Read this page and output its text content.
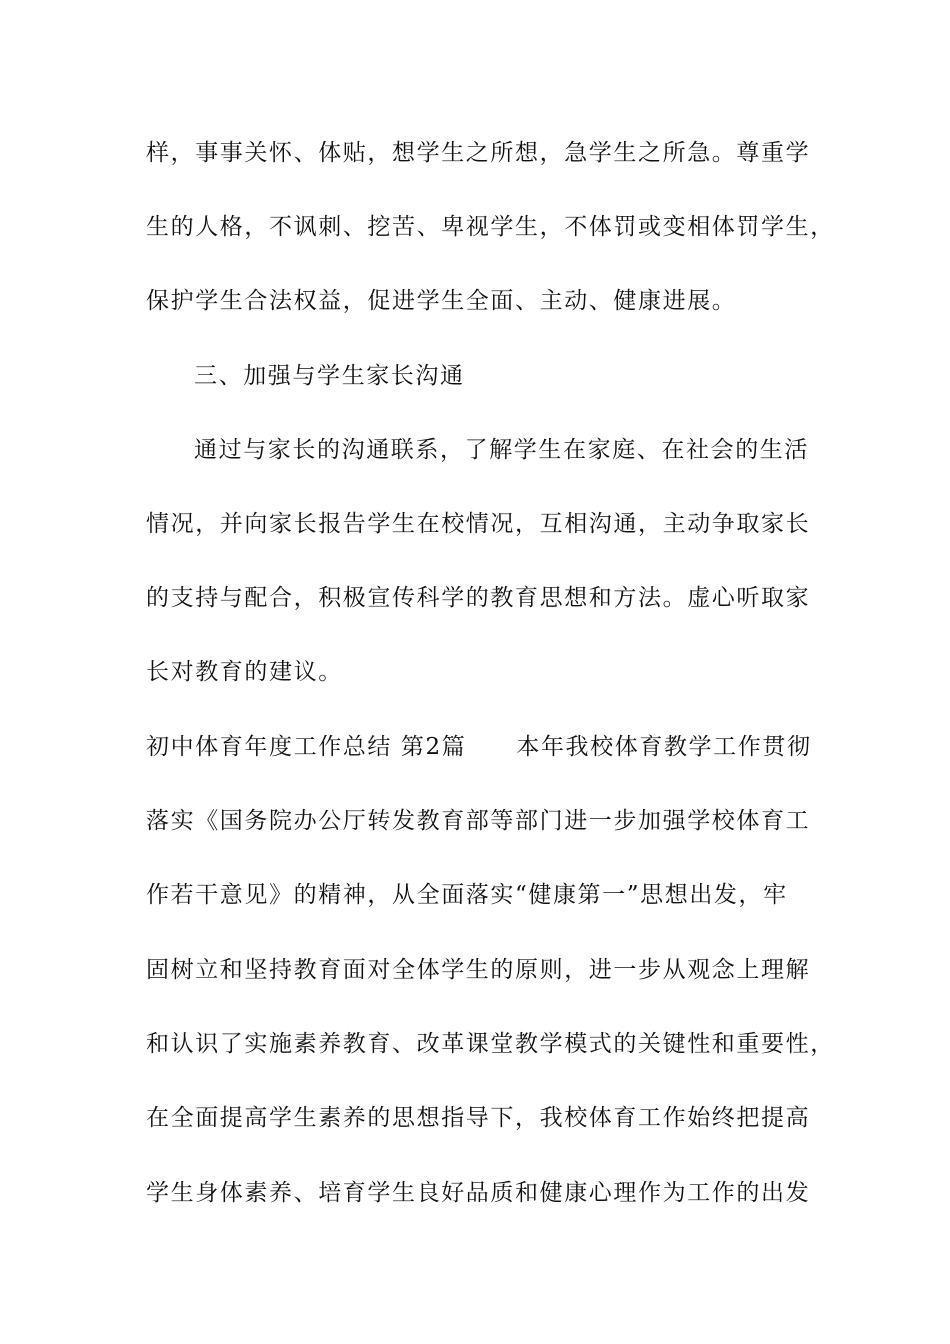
样，事事关怀、体贴，想学生之所想，急学生之所急。尊重学
生的人格，不讽刺、挖苦、卑视学生，不体罚或变相体罚学生，
保护学生合法权益，促进学生全面、主动、健康进展。
三、加强与学生家长沟通
通过与家长的沟通联系，了解学生在家庭、在社会的生活
情况，并向家长报告学生在校情况，互相沟通，主动争取家长
的支持与配合，积极宣传科学的教育思想和方法。虚心听取家
长对教育的建议。
初中体育年度工作总结 第2篇 本年我校体育教学工作贯彻
落实《国务院办公厅转发教育部等部门进一步加强学校体育工
作若干意见》的精神，从全面落实“健康第一”思想出发，牢
固树立和坚持教育面对全体学生的原则，进一步从观念上理解
和认识了实施素养教育、改革课堂教学模式的关键性和重要性，
在全面提高学生素养的思想指导下，我校体育工作始终把提高
学生身体素养、培育学生良好品质和健康心理作为工作的出发
